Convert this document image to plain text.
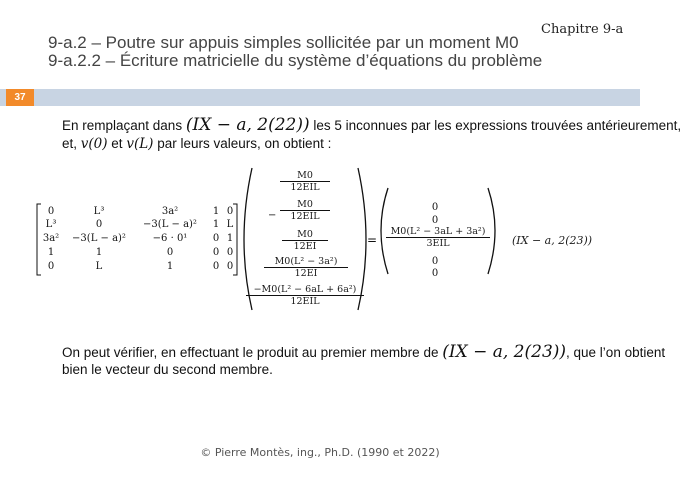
Chapitre 9-a
9-a.2 – Poutre sur appuis simples sollicitée par un moment M0
9-a.2.2 – Écriture matricielle du système d’équations du problème
37
En remplaçant dans (IX − a, 2(22)) les 5 inconnues par les expressions trouvées antérieurement,
et, v(0) et v(L) par leurs valeurs, on obtient :
0	L³	3a²	1 0
L³	0	−3(L − a)²	1 L
3a²	−3(L − a)²	−6 · 0¹	0 1
1	1	0	0 0
0	L	1	0 0
M0
12EIL
−
M0
12EIL
$\frac{M0}{12EI}$
$\frac{\text{M0(L² − 3a²)}}{12EI}$
−M0(L² − 6aL + 6a²)
12EIL
=
0
0
M0(L² − 3aL + 3a²)
3EIL
0
0
(IX − a, 2(23))
On peut vérifier, en effectuant le produit au premier membre de (IX − a, 2(23)), que l’on obtient
bien le vecteur du second membre.
© Pierre Montès, ing., Ph.D. (1990 et 2022)
